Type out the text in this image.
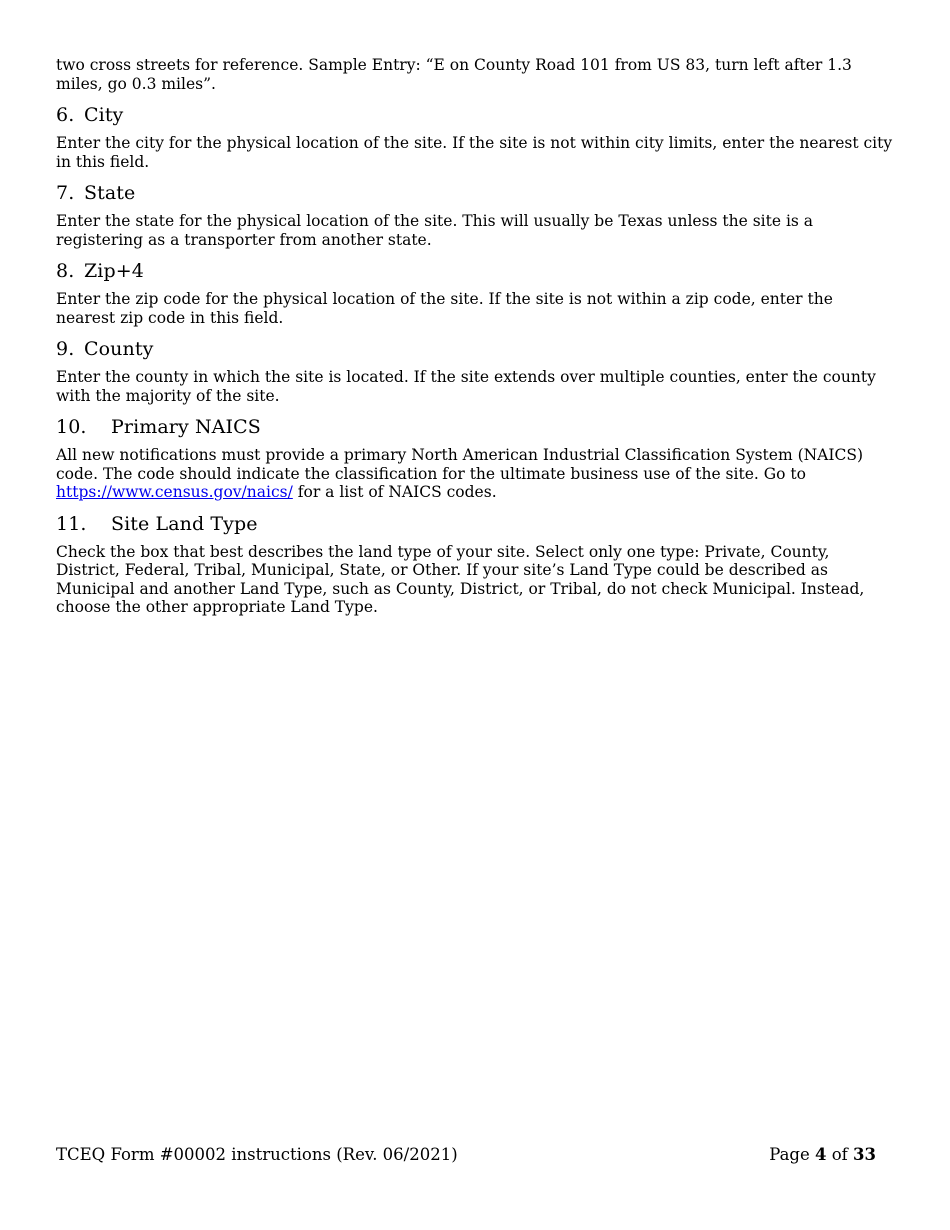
two cross streets for reference. Sample Entry: “E on County Road 101 from US 83, turn left after 1.3 miles, go 0.3 miles”.

6. City

Enter the city for the physical location of the site. If the site is not within city limits, enter the nearest city in this field.

7. State

Enter the state for the physical location of the site. This will usually be Texas unless the site is a registering as a transporter from another state.

8. Zip+4

Enter the zip code for the physical location of the site. If the site is not within a zip code, enter the nearest zip code in this field.

9. County

Enter the county in which the site is located. If the site extends over multiple counties, enter the county with the majority of the site.

10. Primary NAICS

All new notifications must provide a primary North American Industrial Classification System (NAICS) code. The code should indicate the classification for the ultimate business use of the site. Go to
https://www.census.gov/naics/ for a list of NAICS codes.

11. Site Land Type

Check the box that best describes the land type of your site. Select only one type: Private, County, District, Federal, Tribal, Municipal, State, or Other. If your site’s Land Type could be described as Municipal and another Land Type, such as County, District, or Tribal, do not check Municipal. Instead, choose the other appropriate Land Type.

TCEQ Form #00002 instructions (Rev. 06/2021)	Page 4 of 33
